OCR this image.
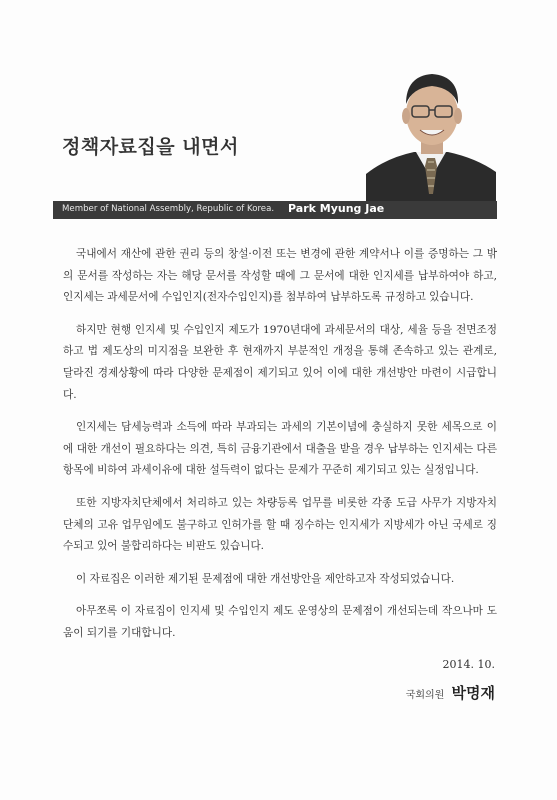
정책자료집을 내면서
Member of National Assembly, Republic of Korea. Park Myung Jae

국내에서 재산에 관한 권리 등의 창설·이전 또는 변경에 관한 계약서나 이를 증명하는 그 밖의 문서를 작성하는 자는 해당 문서를 작성할 때에 그 문서에 대한 인지세를 납부하여야 하고, 인지세는 과세문서에 수입인지(전자수입인지)를 첨부하여 납부하도록 규정하고 있습니다.

하지만 현행 인지세 및 수입인지 제도가 1970년대에 과세문서의 대상, 세율 등을 전면조정하고 법 제도상의 미지점을 보완한 후 현재까지 부분적인 개정을 통해 존속하고 있는 관계로, 달라진 경제상황에 따라 다양한 문제점이 제기되고 있어 이에 대한 개선방안 마련이 시급합니다.

인지세는 담세능력과 소득에 따라 부과되는 과세의 기본이념에 충실하지 못한 세목으로 이에 대한 개선이 필요하다는 의견, 특히 금융기관에서 대출을 받을 경우 납부하는 인지세는 다른 항목에 비하여 과세이유에 대한 설득력이 없다는 문제가 꾸준히 제기되고 있는 실정입니다.

또한 지방자치단체에서 처리하고 있는 차량등록 업무를 비롯한 각종 도급 사무가 지방자치단체의 고유 업무임에도 불구하고 인허가를 할 때 징수하는 인지세가 지방세가 아닌 국세로 징수되고 있어 불합리하다는 비판도 있습니다.

이 자료집은 이러한 제기된 문제점에 대한 개선방안을 제안하고자 작성되었습니다.

아무쪼록 이 자료집이 인지세 및 수입인지 제도 운영상의 문제점이 개선되는데 작으나마 도움이 되기를 기대합니다.

2014. 10.
국회의원 박명재
